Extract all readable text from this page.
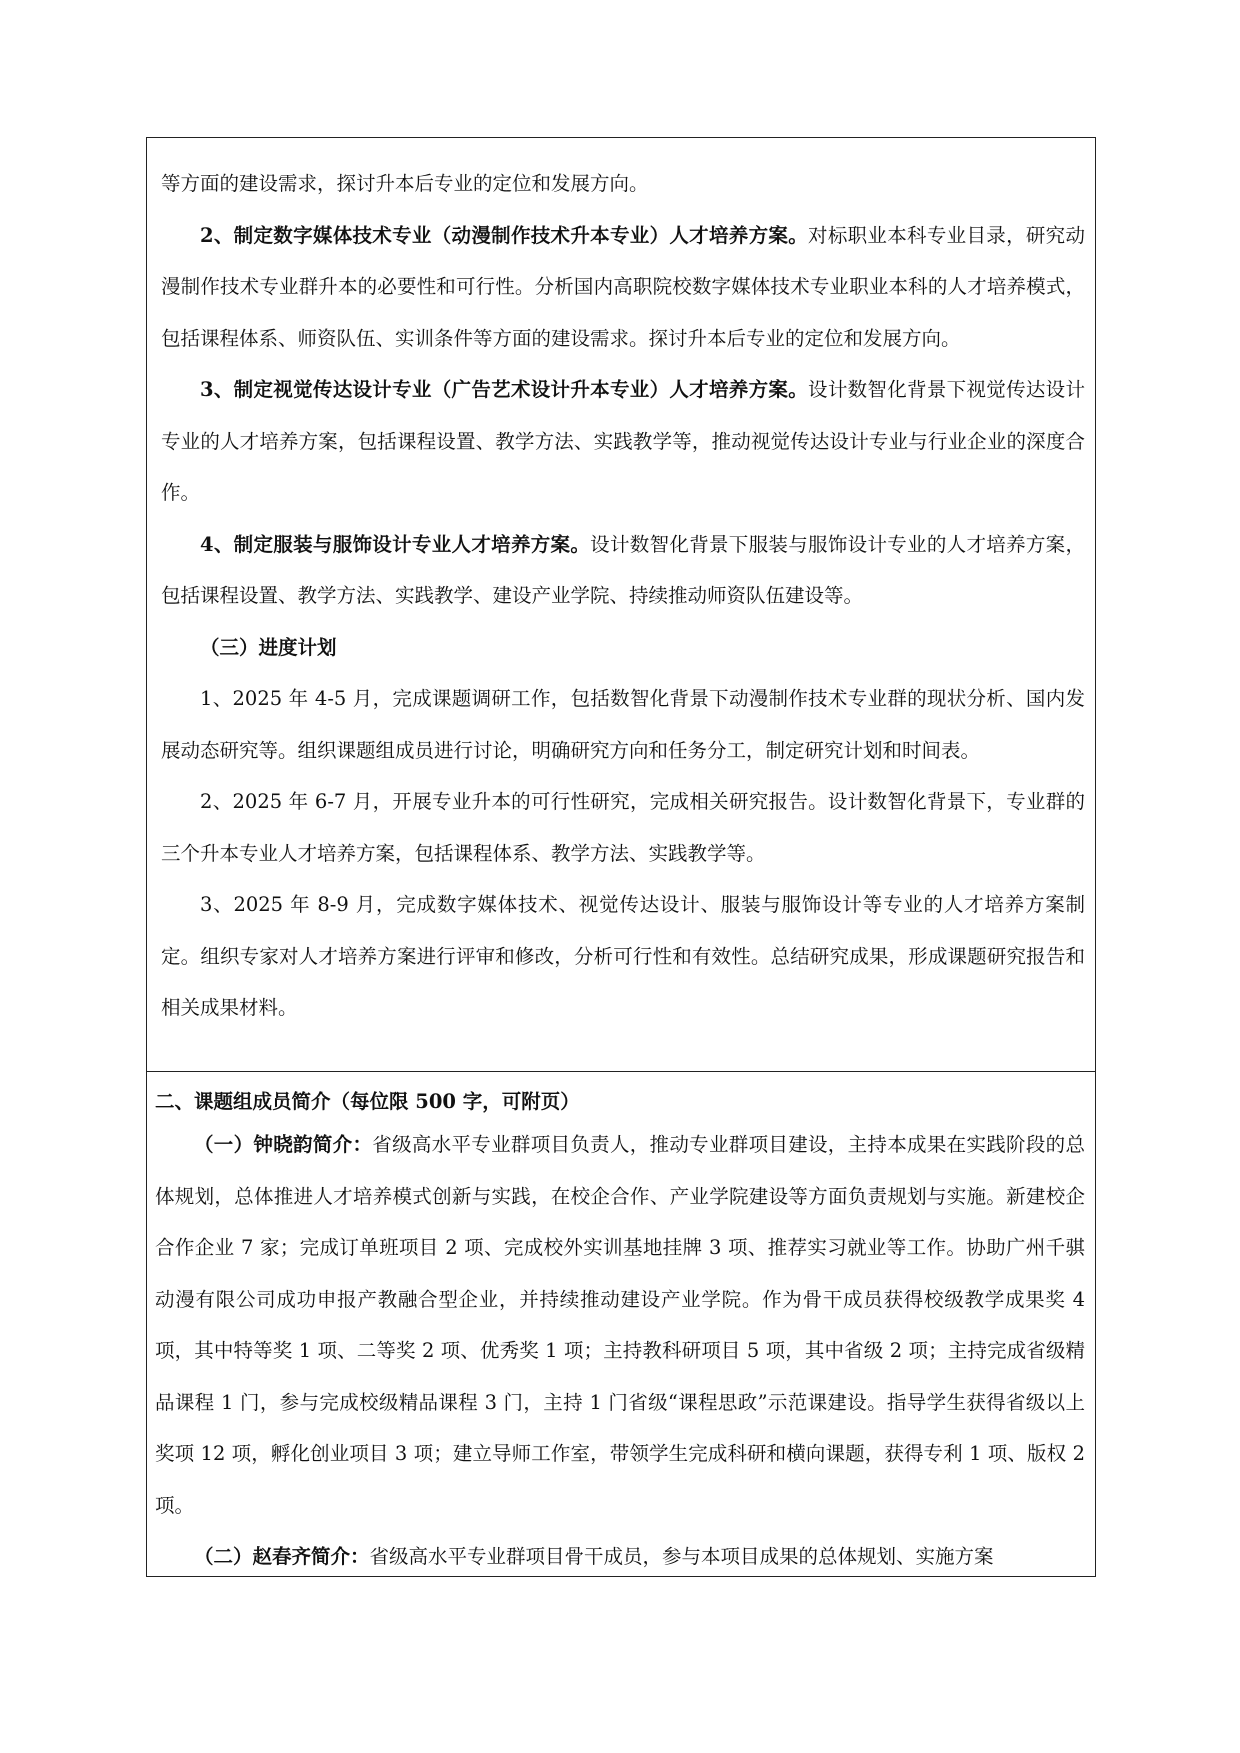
等方面的建设需求，探讨升本后专业的定位和发展方向。

2、制定数字媒体技术专业（动漫制作技术升本专业）人才培养方案。对标职业本科专业目录，研究动漫制作技术专业群升本的必要性和可行性。分析国内高职院校数字媒体技术专业职业本科的人才培养模式，包括课程体系、师资队伍、实训条件等方面的建设需求。探讨升本后专业的定位和发展方向。

3、制定视觉传达设计专业（广告艺术设计升本专业）人才培养方案。设计数智化背景下视觉传达设计专业的人才培养方案，包括课程设置、教学方法、实践教学等，推动视觉传达设计专业与行业企业的深度合作。

4、制定服装与服饰设计专业人才培养方案。设计数智化背景下服装与服饰设计专业的人才培养方案，包括课程设置、教学方法、实践教学、建设产业学院、持续推动师资队伍建设等。

（三）进度计划

1、2025 年 4-5 月，完成课题调研工作，包括数智化背景下动漫制作技术专业群的现状分析、国内发展动态研究等。组织课题组成员进行讨论，明确研究方向和任务分工，制定研究计划和时间表。

2、2025 年 6-7 月，开展专业升本的可行性研究，完成相关研究报告。设计数智化背景下，专业群的三个升本专业人才培养方案，包括课程体系、教学方法、实践教学等。

3、2025 年 8-9 月，完成数字媒体技术、视觉传达设计、服装与服饰设计等专业的人才培养方案制定。组织专家对人才培养方案进行评审和修改，分析可行性和有效性。总结研究成果，形成课题研究报告和相关成果材料。

二、课题组成员简介（每位限 500 字，可附页）

（一）钟晓韵简介：省级高水平专业群项目负责人，推动专业群项目建设，主持本成果在实践阶段的总体规划，总体推进人才培养模式创新与实践，在校企合作、产业学院建设等方面负责规划与实施。新建校企合作企业 7 家；完成订单班项目 2 项、完成校外实训基地挂牌 3 项、推荐实习就业等工作。协助广州千骐动漫有限公司成功申报产教融合型企业，并持续推动建设产业学院。作为骨干成员获得校级教学成果奖 4 项，其中特等奖 1 项、二等奖 2 项、优秀奖 1 项；主持教科研项目 5 项，其中省级 2 项；主持完成省级精品课程 1 门，参与完成校级精品课程 3 门，主持 1 门省级“课程思政”示范课建设。指导学生获得省级以上奖项 12 项，孵化创业项目 3 项；建立导师工作室，带领学生完成科研和横向课题，获得专利 1 项、版权 2 项。

（二）赵春齐简介：省级高水平专业群项目骨干成员，参与本项目成果的总体规划、实施方案
